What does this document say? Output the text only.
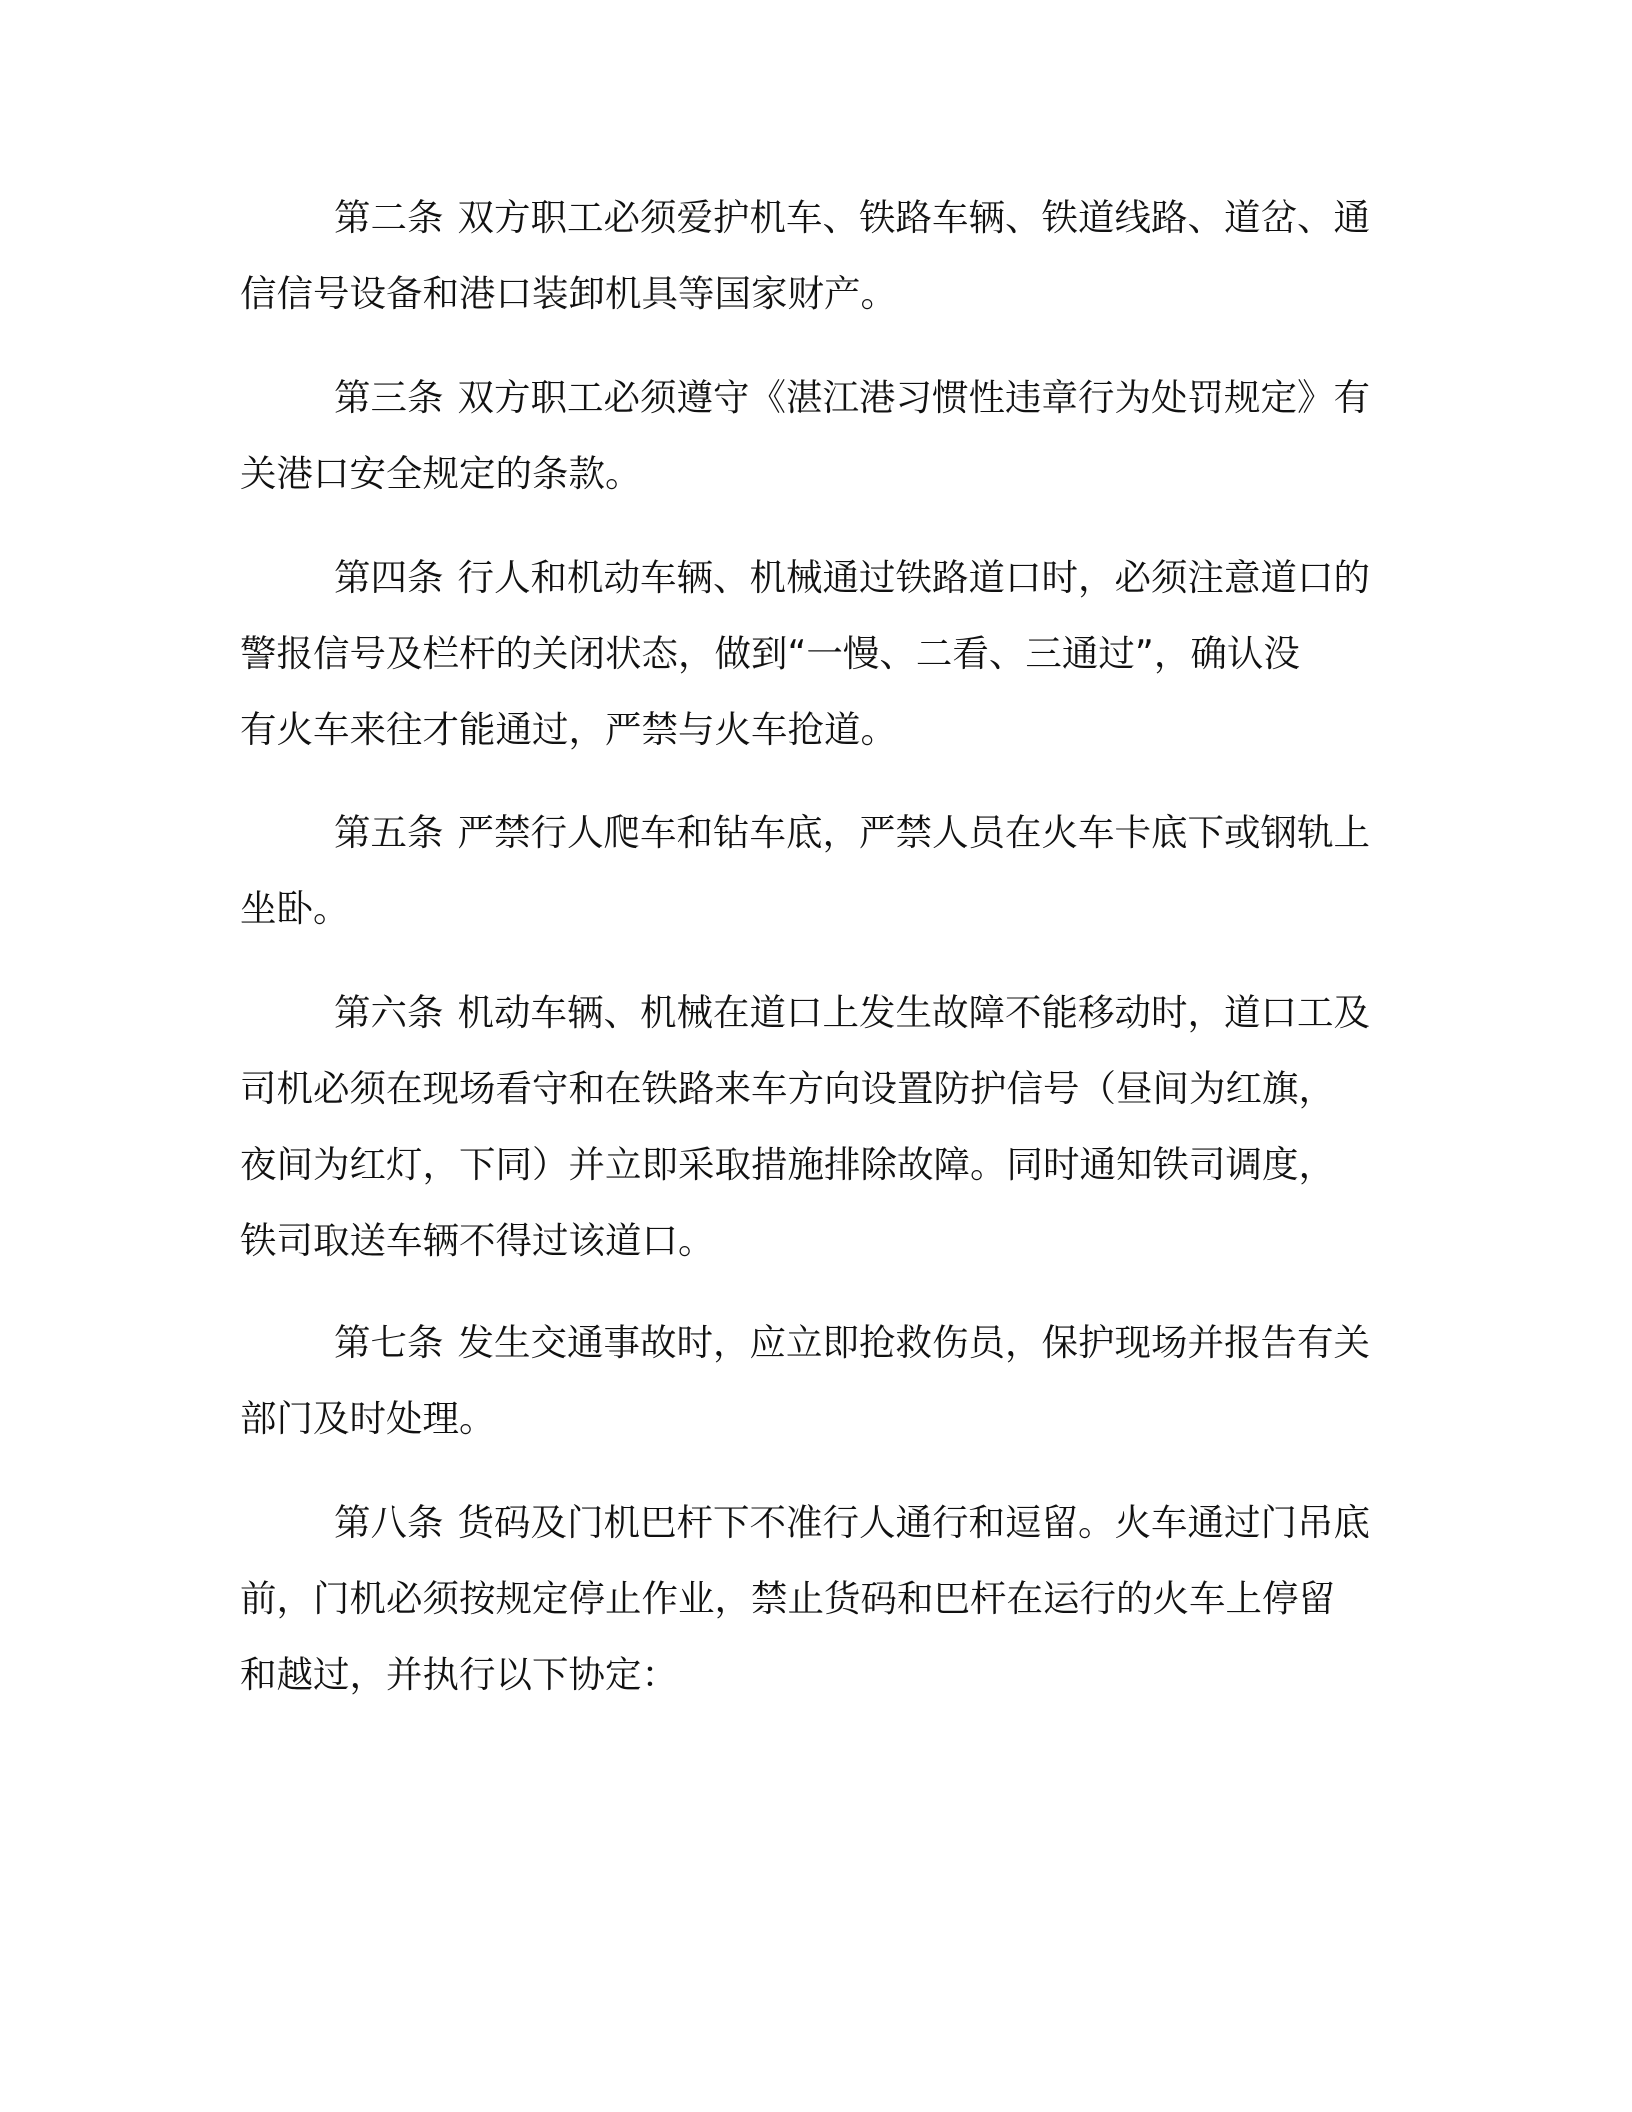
第二条 双方职工必须爱护机车、铁路车辆、铁道线路、道岔、通
信信号设备和港口装卸机具等国家财产。
第三条 双方职工必须遵守《湛江港习惯性违章行为处罚规定》有
关港口安全规定的条款。
第四条 行人和机动车辆、机械通过铁路道口时，必须注意道口的
警报信号及栏杆的关闭状态，做到“一慢、二看、三通过”，确认没
有火车来往才能通过，严禁与火车抢道。
第五条 严禁行人爬车和钻车底，严禁人员在火车卡底下或钢轨上
坐卧。
第六条 机动车辆、机械在道口上发生故障不能移动时，道口工及
司机必须在现场看守和在铁路来车方向设置防护信号（昼间为红旗，
夜间为红灯，下同）并立即采取措施排除故障。同时通知铁司调度，
铁司取送车辆不得过该道口。
第七条 发生交通事故时，应立即抢救伤员，保护现场并报告有关
部门及时处理。
第八条 货码及门机巴杆下不准行人通行和逗留。火车通过门吊底
前，门机必须按规定停止作业，禁止货码和巴杆在运行的火车上停留
和越过，并执行以下协定：
